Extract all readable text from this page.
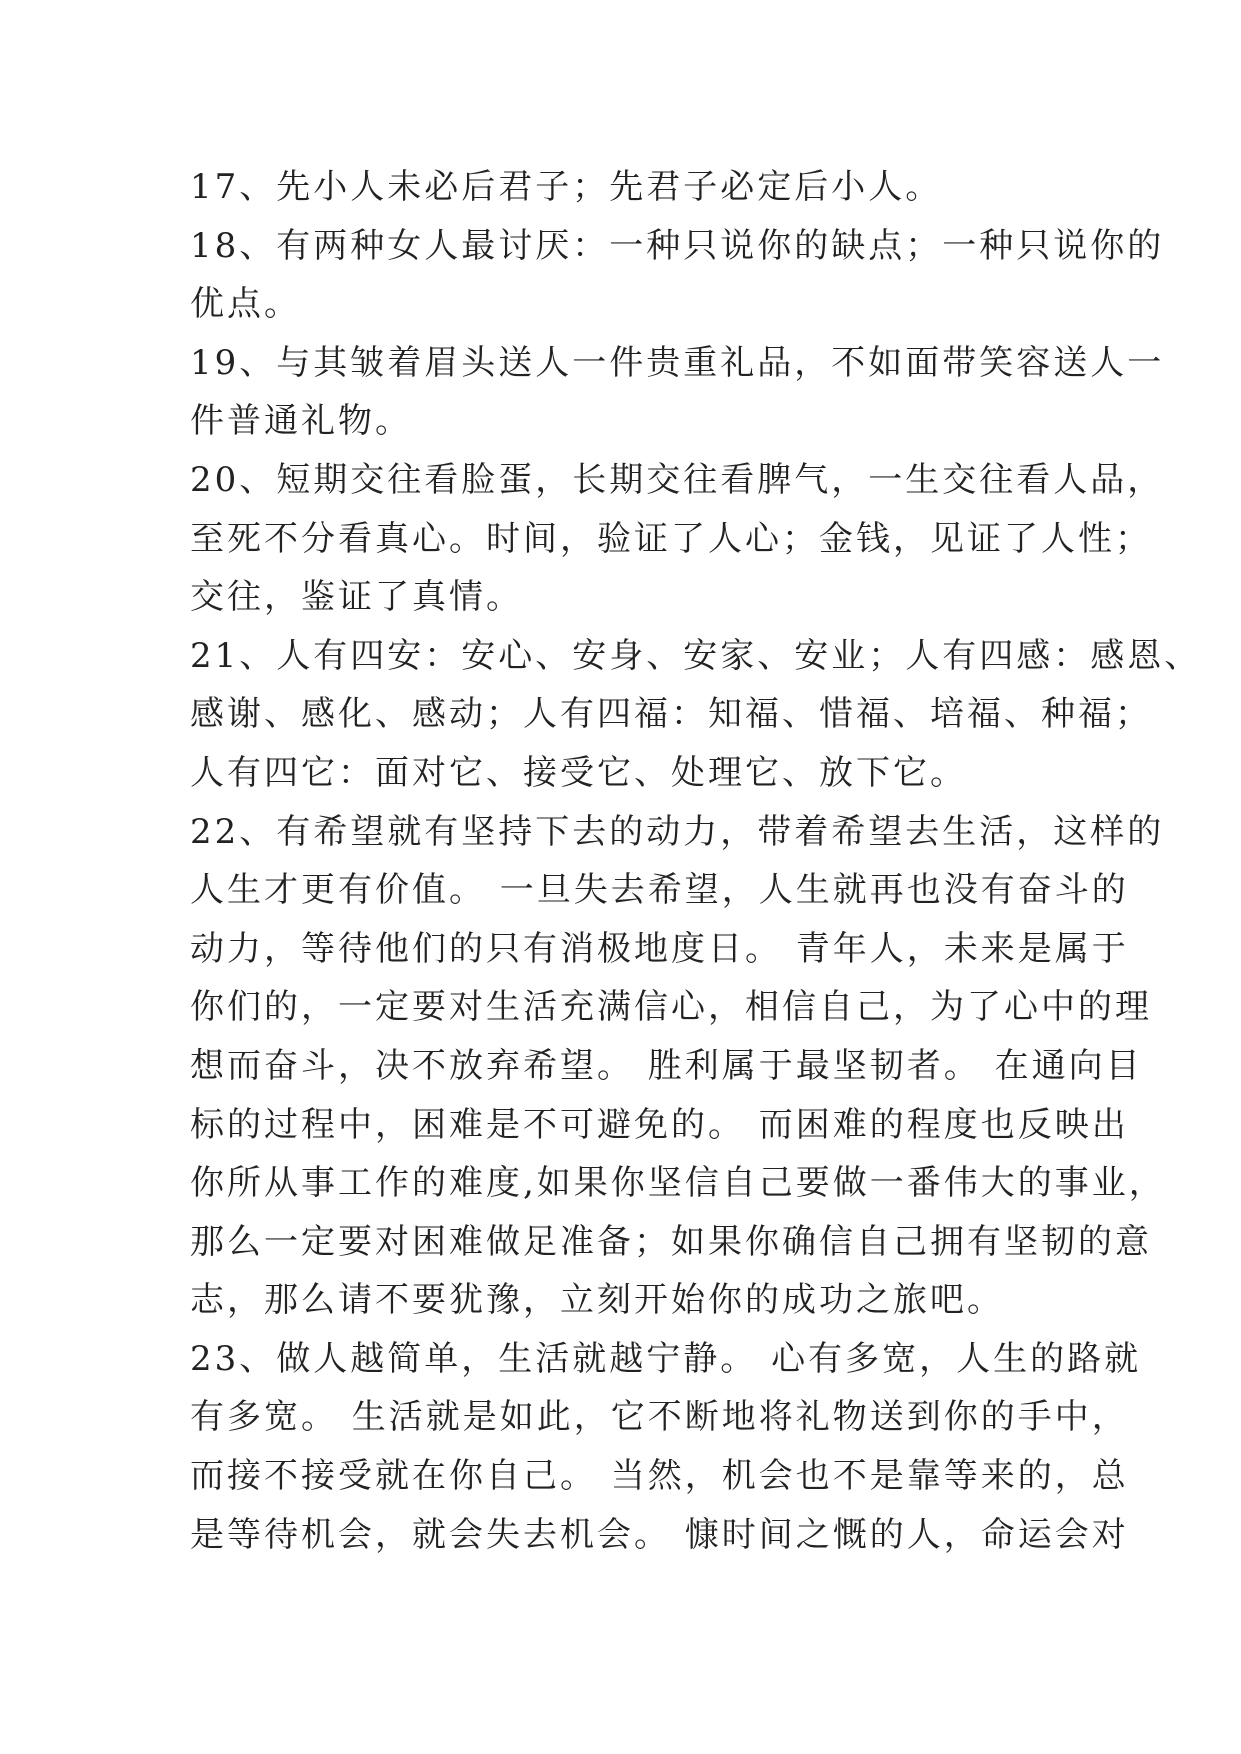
17、先小人未必后君子；先君子必定后小人。
18、有两种女人最讨厌：一种只说你的缺点；一种只说你的
优点。
19、与其皱着眉头送人一件贵重礼品，不如面带笑容送人一
件普通礼物。
20、短期交往看脸蛋，长期交往看脾气，一生交往看人品，
至死不分看真心。时间，验证了人心；金钱，见证了人性；
交往，鉴证了真情。
21、人有四安：安心、安身、安家、安业；人有四感：感恩、
感谢、感化、感动；人有四福：知福、惜福、培福、种福；
人有四它：面对它、接受它、处理它、放下它。
22、有希望就有坚持下去的动力，带着希望去生活，这样的
人生才更有价值。 一旦失去希望，人生就再也没有奋斗的
动力，等待他们的只有消极地度日。 青年人，未来是属于
你们的，一定要对生活充满信心，相信自己，为了心中的理
想而奋斗，决不放弃希望。 胜利属于最坚韧者。 在通向目
标的过程中，困难是不可避免的。 而困难的程度也反映出
你所从事工作的难度,如果你坚信自己要做一番伟大的事业，
那么一定要对困难做足准备；如果你确信自己拥有坚韧的意
志，那么请不要犹豫，立刻开始你的成功之旅吧。
23、做人越简单，生活就越宁静。 心有多宽，人生的路就
有多宽。 生活就是如此，它不断地将礼物送到你的手中，
而接不接受就在你自己。 当然，机会也不是靠等来的，总
是等待机会，就会失去机会。 慷时间之慨的人，命运会对
